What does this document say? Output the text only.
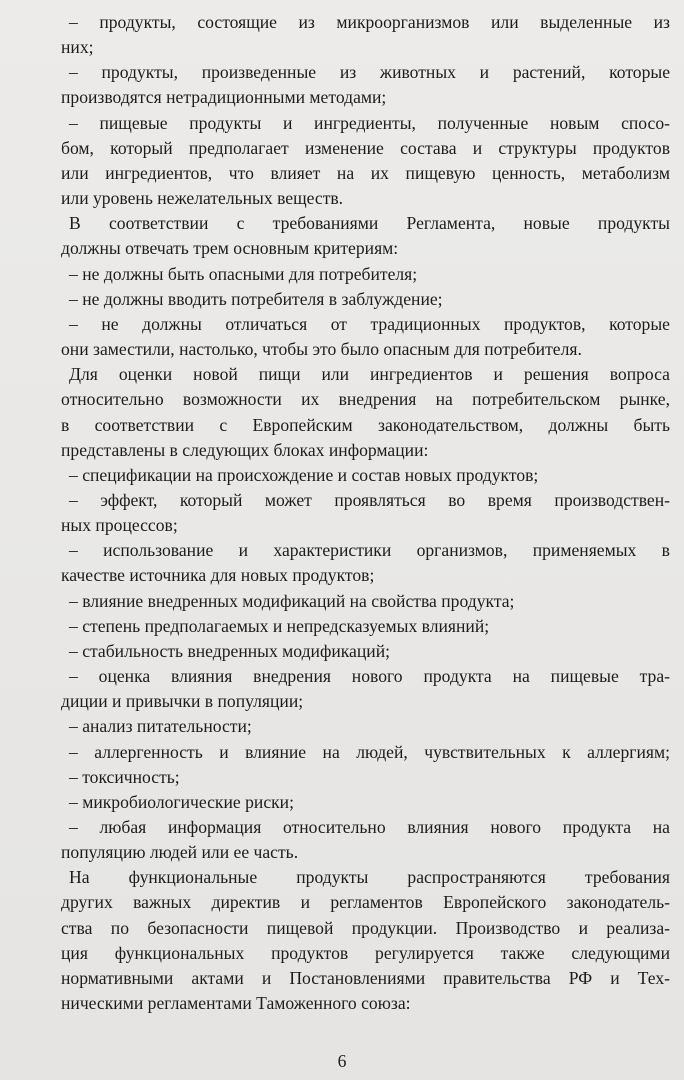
– продукты, состоящие из микроорганизмов или выделенные из

них;

– продукты, произведенные из животных и растений, которые

производятся нетрадиционными методами;

– пищевые продукты и ингредиенты, полученные новым спосо-

бом, который предполагает изменение состава и структуры продуктов

или ингредиентов, что влияет на их пищевую ценность, метаболизм

или уровень нежелательных веществ.

В соответствии с требованиями Регламента, новые продукты

должны отвечать трем основным критериям:

– не должны быть опасными для потребителя;

– не должны вводить потребителя в заблуждение;

– не должны отличаться от традиционных продуктов, которые

они заместили, настолько, чтобы это было опасным для потребителя.

Для оценки новой пищи или ингредиентов и решения вопроса

относительно возможности их внедрения на потребительском рынке,

в соответствии с Европейским законодательством, должны быть

представлены в следующих блоках информации:

– спецификации на происхождение и состав новых продуктов;

– эффект, который может проявляться во время производствен-

ных процессов;

– использование и характеристики организмов, применяемых в

качестве источника для новых продуктов;

– влияние внедренных модификаций на свойства продукта;

– степень предполагаемых и непредсказуемых влияний;

– стабильность внедренных модификаций;

– оценка влияния внедрения нового продукта на пищевые тра-

диции и привычки в популяции;

– анализ питательности;

– аллергенность и влияние на людей, чувствительных к аллергиям;

– токсичность;

– микробиологические риски;

– любая информация относительно влияния нового продукта на

популяцию людей или ее часть.

На функциональные продукты распространяются требования

других важных директив и регламентов Европейского законодатель-

ства по безопасности пищевой продукции. Производство и реализа-

ция функциональных продуктов регулируется также следующими

нормативными актами и Постановлениями правительства РФ и Тех-

ническими регламентами Таможенного союза:

6
